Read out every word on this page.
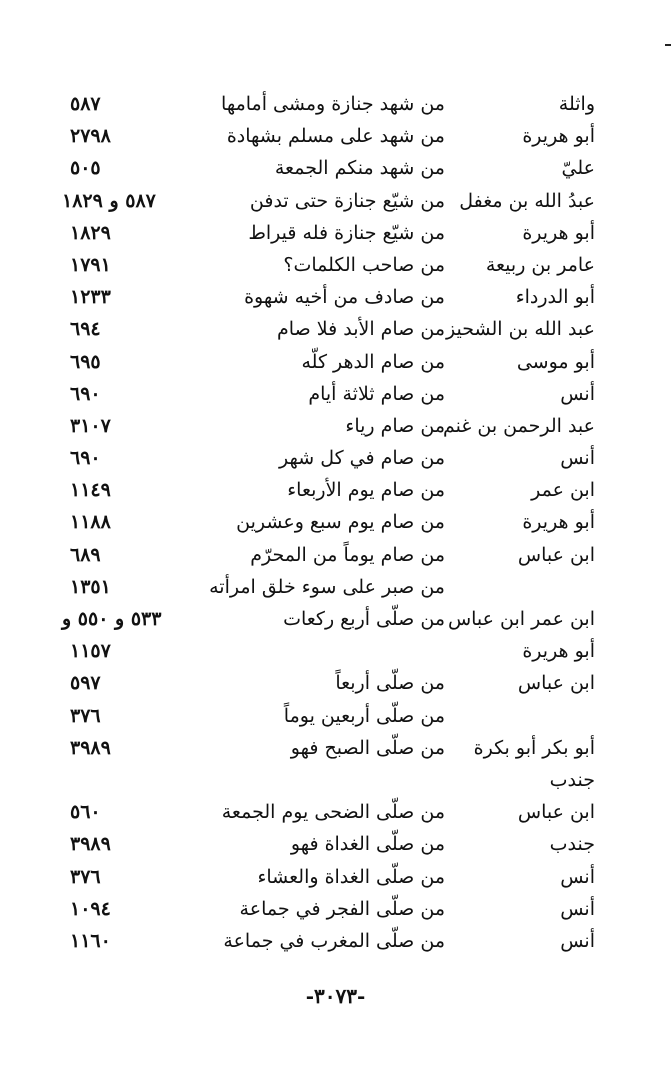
واثلة
من شهد جنازة ومشى أمامها
٥٨٧
أبو هريرة
من شهد على مسلم بشهادة
٢٧٩٨
عليّ
من شهد منكم الجمعة
٥٠٥
عبدُ الله بن مغفل
من شيّع جنازة حتى تدفن
٥٨٧ و ١٨٢٩
أبو هريرة
من شيّع جنازة فله قيراط
١٨٢٩
عامر بن ربيعة
من صاحب الكلمات؟
١٧٩١
أبو الدرداء
من صادف من أخيه شهوة
١٢٣٣
عبد الله بن الشحيز
من صام الأبد فلا صام
٦٩٤
أبو موسى
من صام الدهر كلّه
٦٩٥
أنس
من صام ثلاثة أيام
٦٩٠
عبد الرحمن بن غنم
من صام رياء
٣١٠٧
أنس
من صام في كل شهر
٦٩٠
ابن عمر
من صام يوم الأربعاء
١١٤٩
أبو هريرة
من صام يوم سبع وعشرين
١١٨٨
ابن عباس
من صام يوماً من المحرّم
٦٨٩
من صبر على سوء خلق امرأته
١٣٥١
ابن عمر ابن عباس
من صلّى أربع ركعات
٥٣٣ و ٥٥٠ و
أبو هريرة
١١٥٧
ابن عباس
من صلّى أربعاً
٥٩٧
من صلّى أربعين يوماً
٣٧٦
أبو بكر أبو بكرة
من صلّى الصبح فهو
٣٩٨٩
جندب
ابن عباس
من صلّى الضحى يوم الجمعة
٥٦٠
جندب
من صلّى الغداة فهو
٣٩٨٩
أنس
من صلّى الغداة والعشاء
٣٧٦
أنس
من صلّى الفجر في جماعة
١٠٩٤
أنس
من صلّى المغرب في جماعة
١١٦٠
-٣٠٧٣-
